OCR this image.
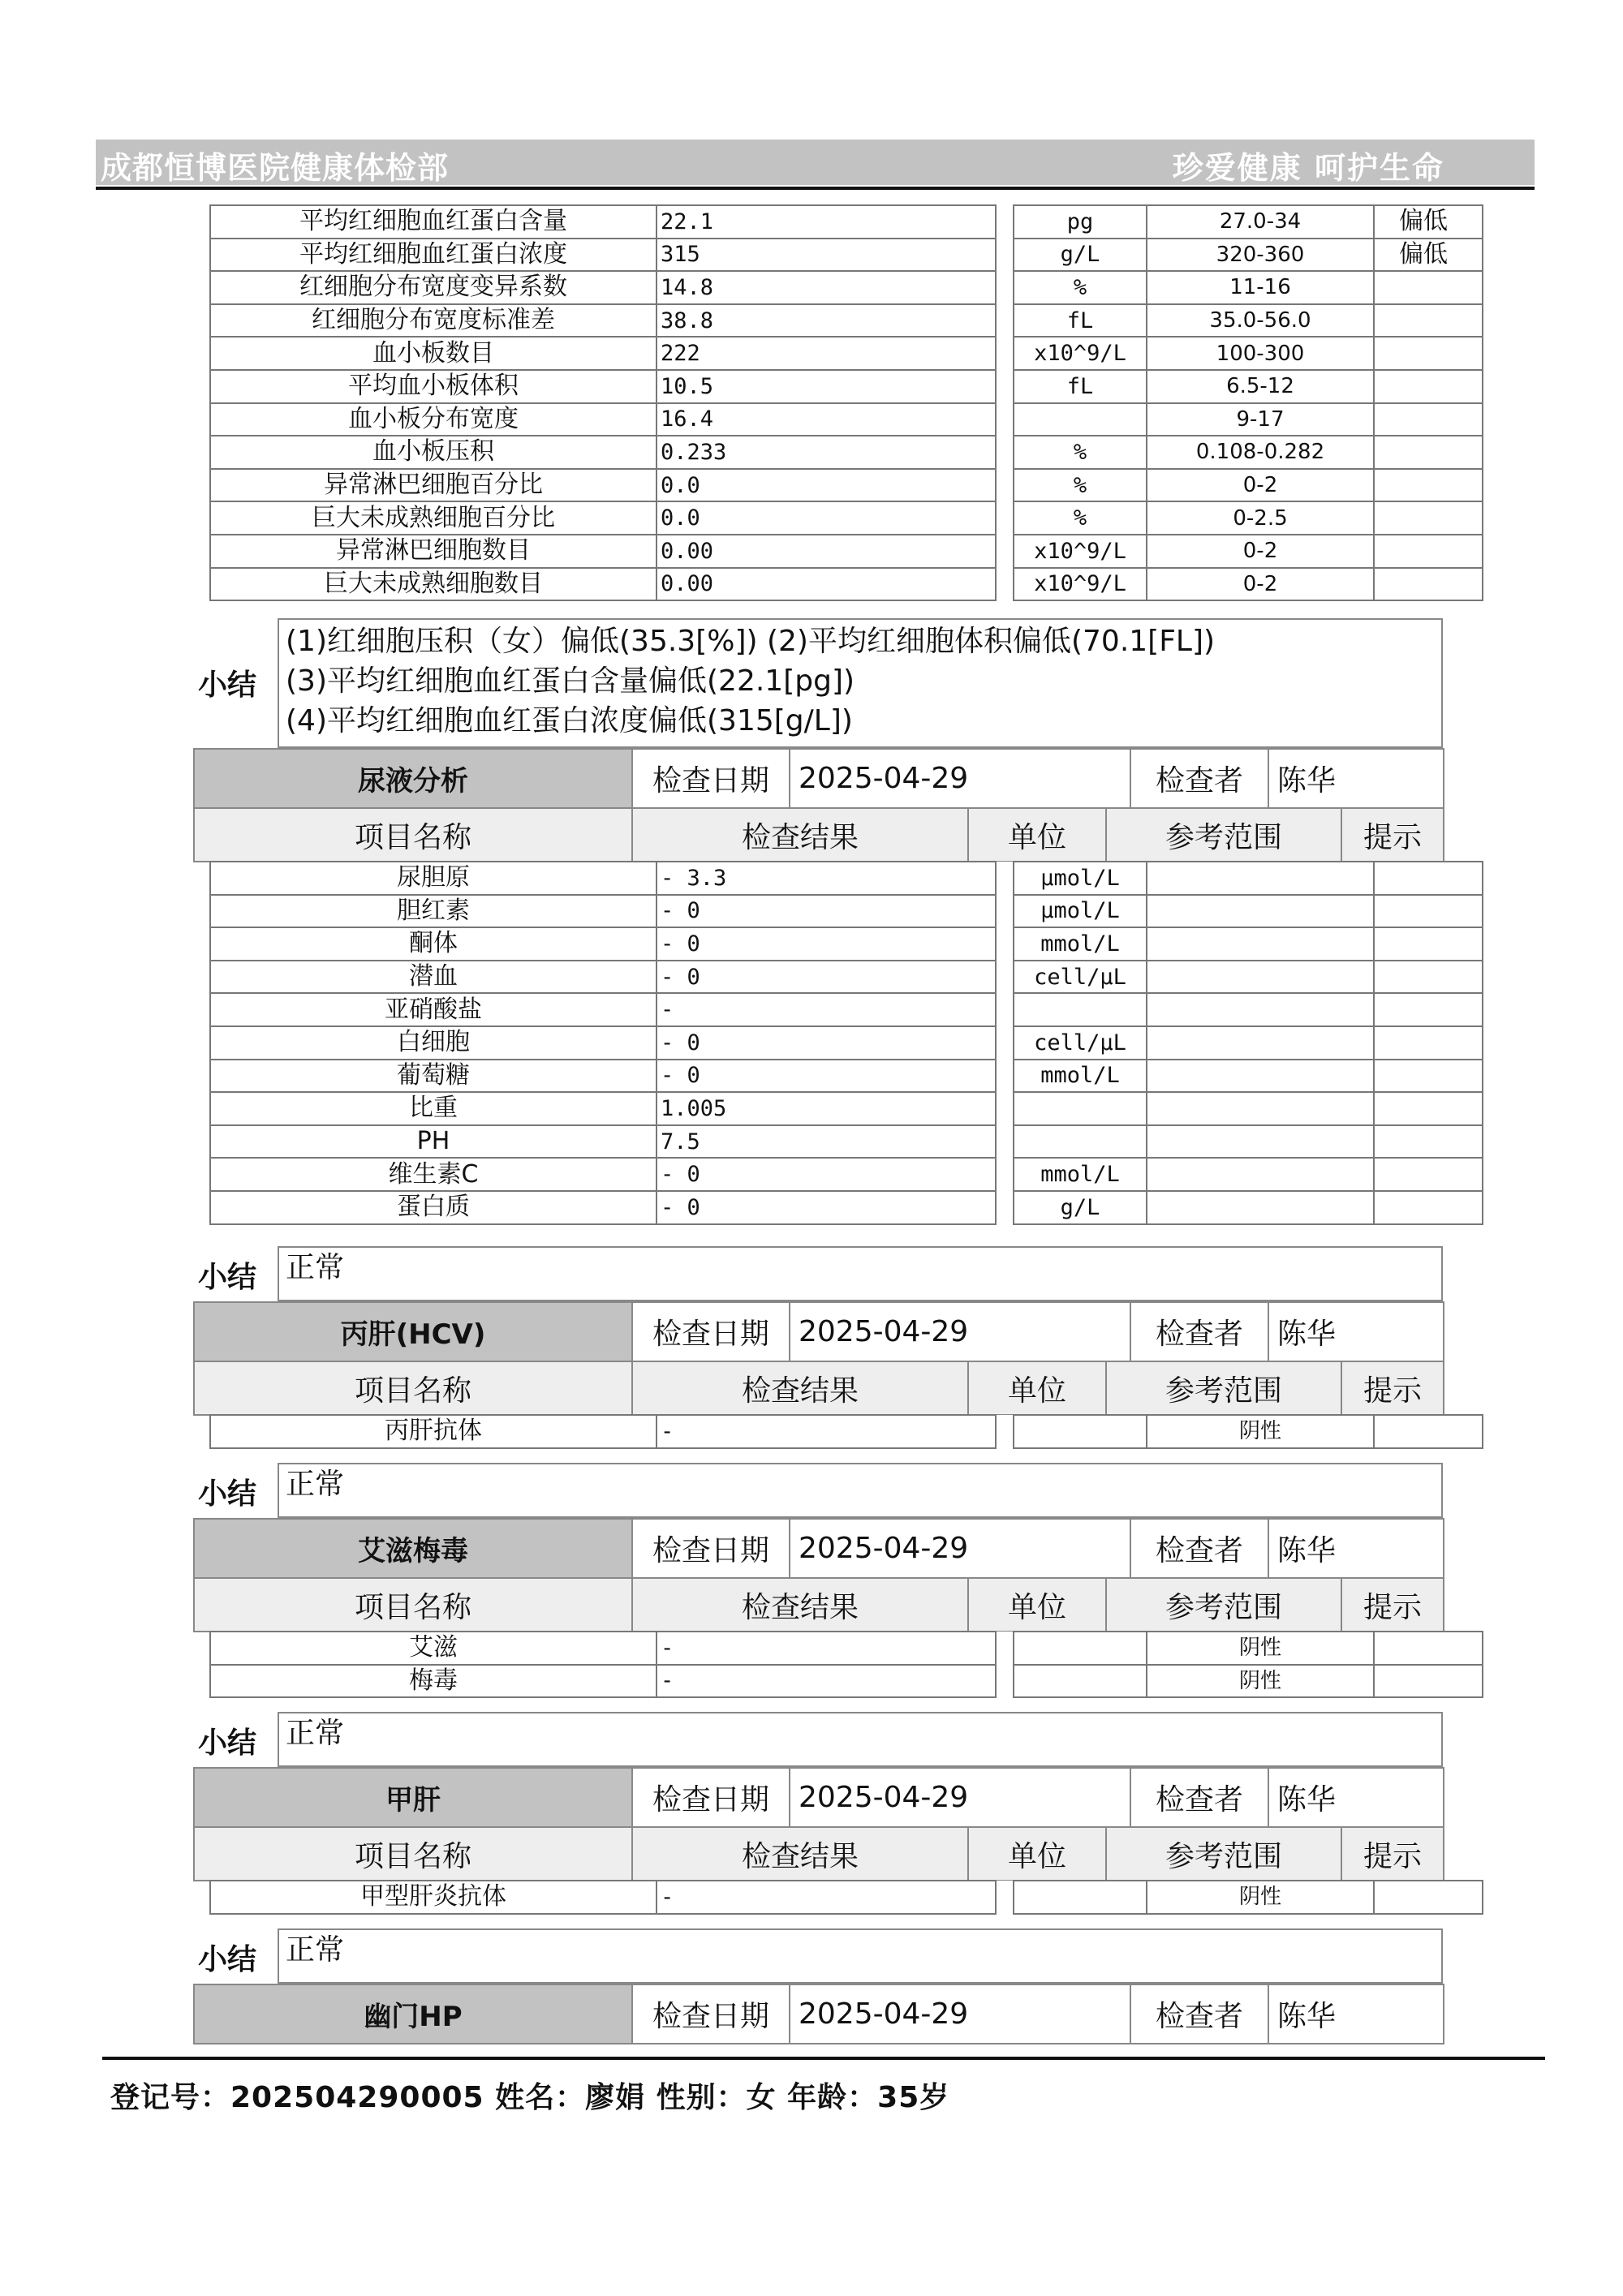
成都恒博医院健康体检部	珍爱健康 呵护生命
平均红细胞血红蛋白含量	22.1		pg	27.0-34	偏低
平均红细胞血红蛋白浓度	315		g/L	320-360	偏低
红细胞分布宽度变异系数	14.8		%	11-16	
红细胞分布宽度标准差	38.8		fL	35.0-56.0	
血小板数目	222		x10^9/L	100-300	
平均血小板体积	10.5		fL	6.5-12	
血小板分布宽度	16.4			9-17	
血小板压积	0.233		%	0.108-0.282	
异常淋巴细胞百分比	0.0		%	0-2	
巨大未成熟细胞百分比	0.0		%	0-2.5	
异常淋巴细胞数目	0.00		x10^9/L	0-2	
巨大未成熟细胞数目	0.00		x10^9/L	0-2	
小结
(1)红细胞压积（女）偏低(35.3[%]) (2)平均红细胞体积偏低(70.1[FL])
(3)平均红细胞血红蛋白含量偏低(22.1[pg])
(4)平均红细胞血红蛋白浓度偏低(315[g/L])
尿液分析	检查日期	2025-04-29	检查者	陈华
项目名称	检查结果	单位	参考范围	提示
尿胆原	- 3.3		μmol/L		
胆红素	- 0		μmol/L		
酮体	- 0		mmol/L		
潜血	- 0		cell/μL		
亚硝酸盐	-				
白细胞	- 0		cell/μL		
葡萄糖	- 0		mmol/L		
比重	1.005				
PH	7.5				
维生素C	- 0		mmol/L		
蛋白质	- 0		g/L		
小结 正常
丙肝(HCV)	检查日期	2025-04-29	检查者	陈华
项目名称	检查结果	单位	参考范围	提示
丙肝抗体	-			阴性	
小结 正常
艾滋梅毒	检查日期	2025-04-29	检查者	陈华
项目名称	检查结果	单位	参考范围	提示
艾滋	-			阴性	
梅毒	-			阴性	
小结 正常
甲肝	检查日期	2025-04-29	检查者	陈华
项目名称	检查结果	单位	参考范围	提示
甲型肝炎抗体	-			阴性	
小结 正常
幽门HP	检查日期	2025-04-29	检查者	陈华
登记号：202504290005 姓名：廖娟 性别：女 年龄：35岁
